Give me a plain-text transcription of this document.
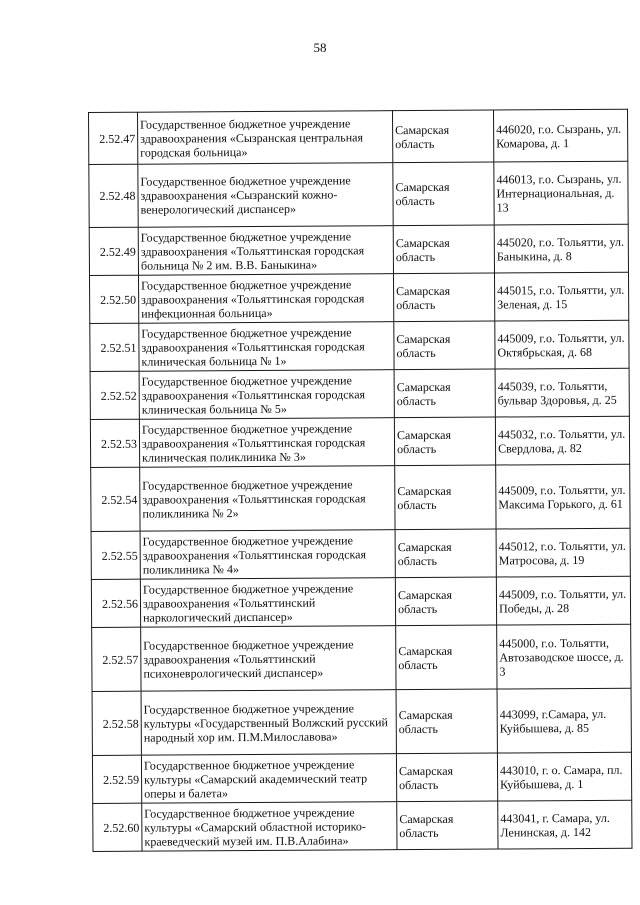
58
2.52.47	Государственное бюджетное учреждение здравоохранения «Сызранская центральная городская больница»	Самарская область	446020, г.о. Сызрань, ул. Комарова, д. 1
2.52.48	Государственное бюджетное учреждение здравоохранения «Сызранский кожно-венерологический диспансер»	Самарская область	446013, г.о. Сызрань, ул. Интернациональная, д. 13
2.52.49	Государственное бюджетное учреждение здравоохранения «Тольяттинская городская больница № 2 им. В.В. Баныкина»	Самарская область	445020, г.о. Тольятти, ул. Баныкина, д. 8
2.52.50	Государственное бюджетное учреждение здравоохранения «Тольяттинская городская инфекционная больница»	Самарская область	445015, г.о. Тольятти, ул. Зеленая, д. 15
2.52.51	Государственное бюджетное учреждение здравоохранения «Тольяттинская городская клиническая больница № 1»	Самарская область	445009, г.о. Тольятти, ул. Октябрьская, д. 68
2.52.52	Государственное бюджетное учреждение здравоохранения «Тольяттинская городская клиническая больница № 5»	Самарская область	445039, г.о. Тольятти, бульвар Здоровья, д. 25
2.52.53	Государственное бюджетное учреждение здравоохранения «Тольяттинская городская клиническая поликлиника № 3»	Самарская область	445032, г.о. Тольятти, ул. Свердлова, д. 82
2.52.54	Государственное бюджетное учреждение здравоохранения «Тольяттинская городская поликлиника № 2»	Самарская область	445009, г.о. Тольятти, ул. Максима Горького, д. 61
2.52.55	Государственное бюджетное учреждение здравоохранения «Тольяттинская городская поликлиника № 4»	Самарская область	445012, г.о. Тольятти, ул. Матросова, д. 19
2.52.56	Государственное бюджетное учреждение здравоохранения «Тольяттинский наркологический диспансер»	Самарская область	445009, г.о. Тольятти, ул. Победы, д. 28
2.52.57	Государственное бюджетное учреждение здравоохранения «Тольяттинский психоневрологический диспансер»	Самарская область	445000, г.о. Тольятти, Автозаводское шоссе, д. 3
2.52.58	Государственное бюджетное учреждение культуры «Государственный Волжский русский народный хор им. П.М.Милославова»	Самарская область	443099, г.Самара, ул. Куйбышева, д. 85
2.52.59	Государственное бюджетное учреждение культуры «Самарский академический театр оперы и балета»	Самарская область	443010, г. о. Самара, пл. Куйбышева, д. 1
2.52.60	Государственное бюджетное учреждение культуры «Самарский областной историко-краеведческий музей им. П.В.Алабина»	Самарская область	443041, г. Самара, ул. Ленинская, д. 142
